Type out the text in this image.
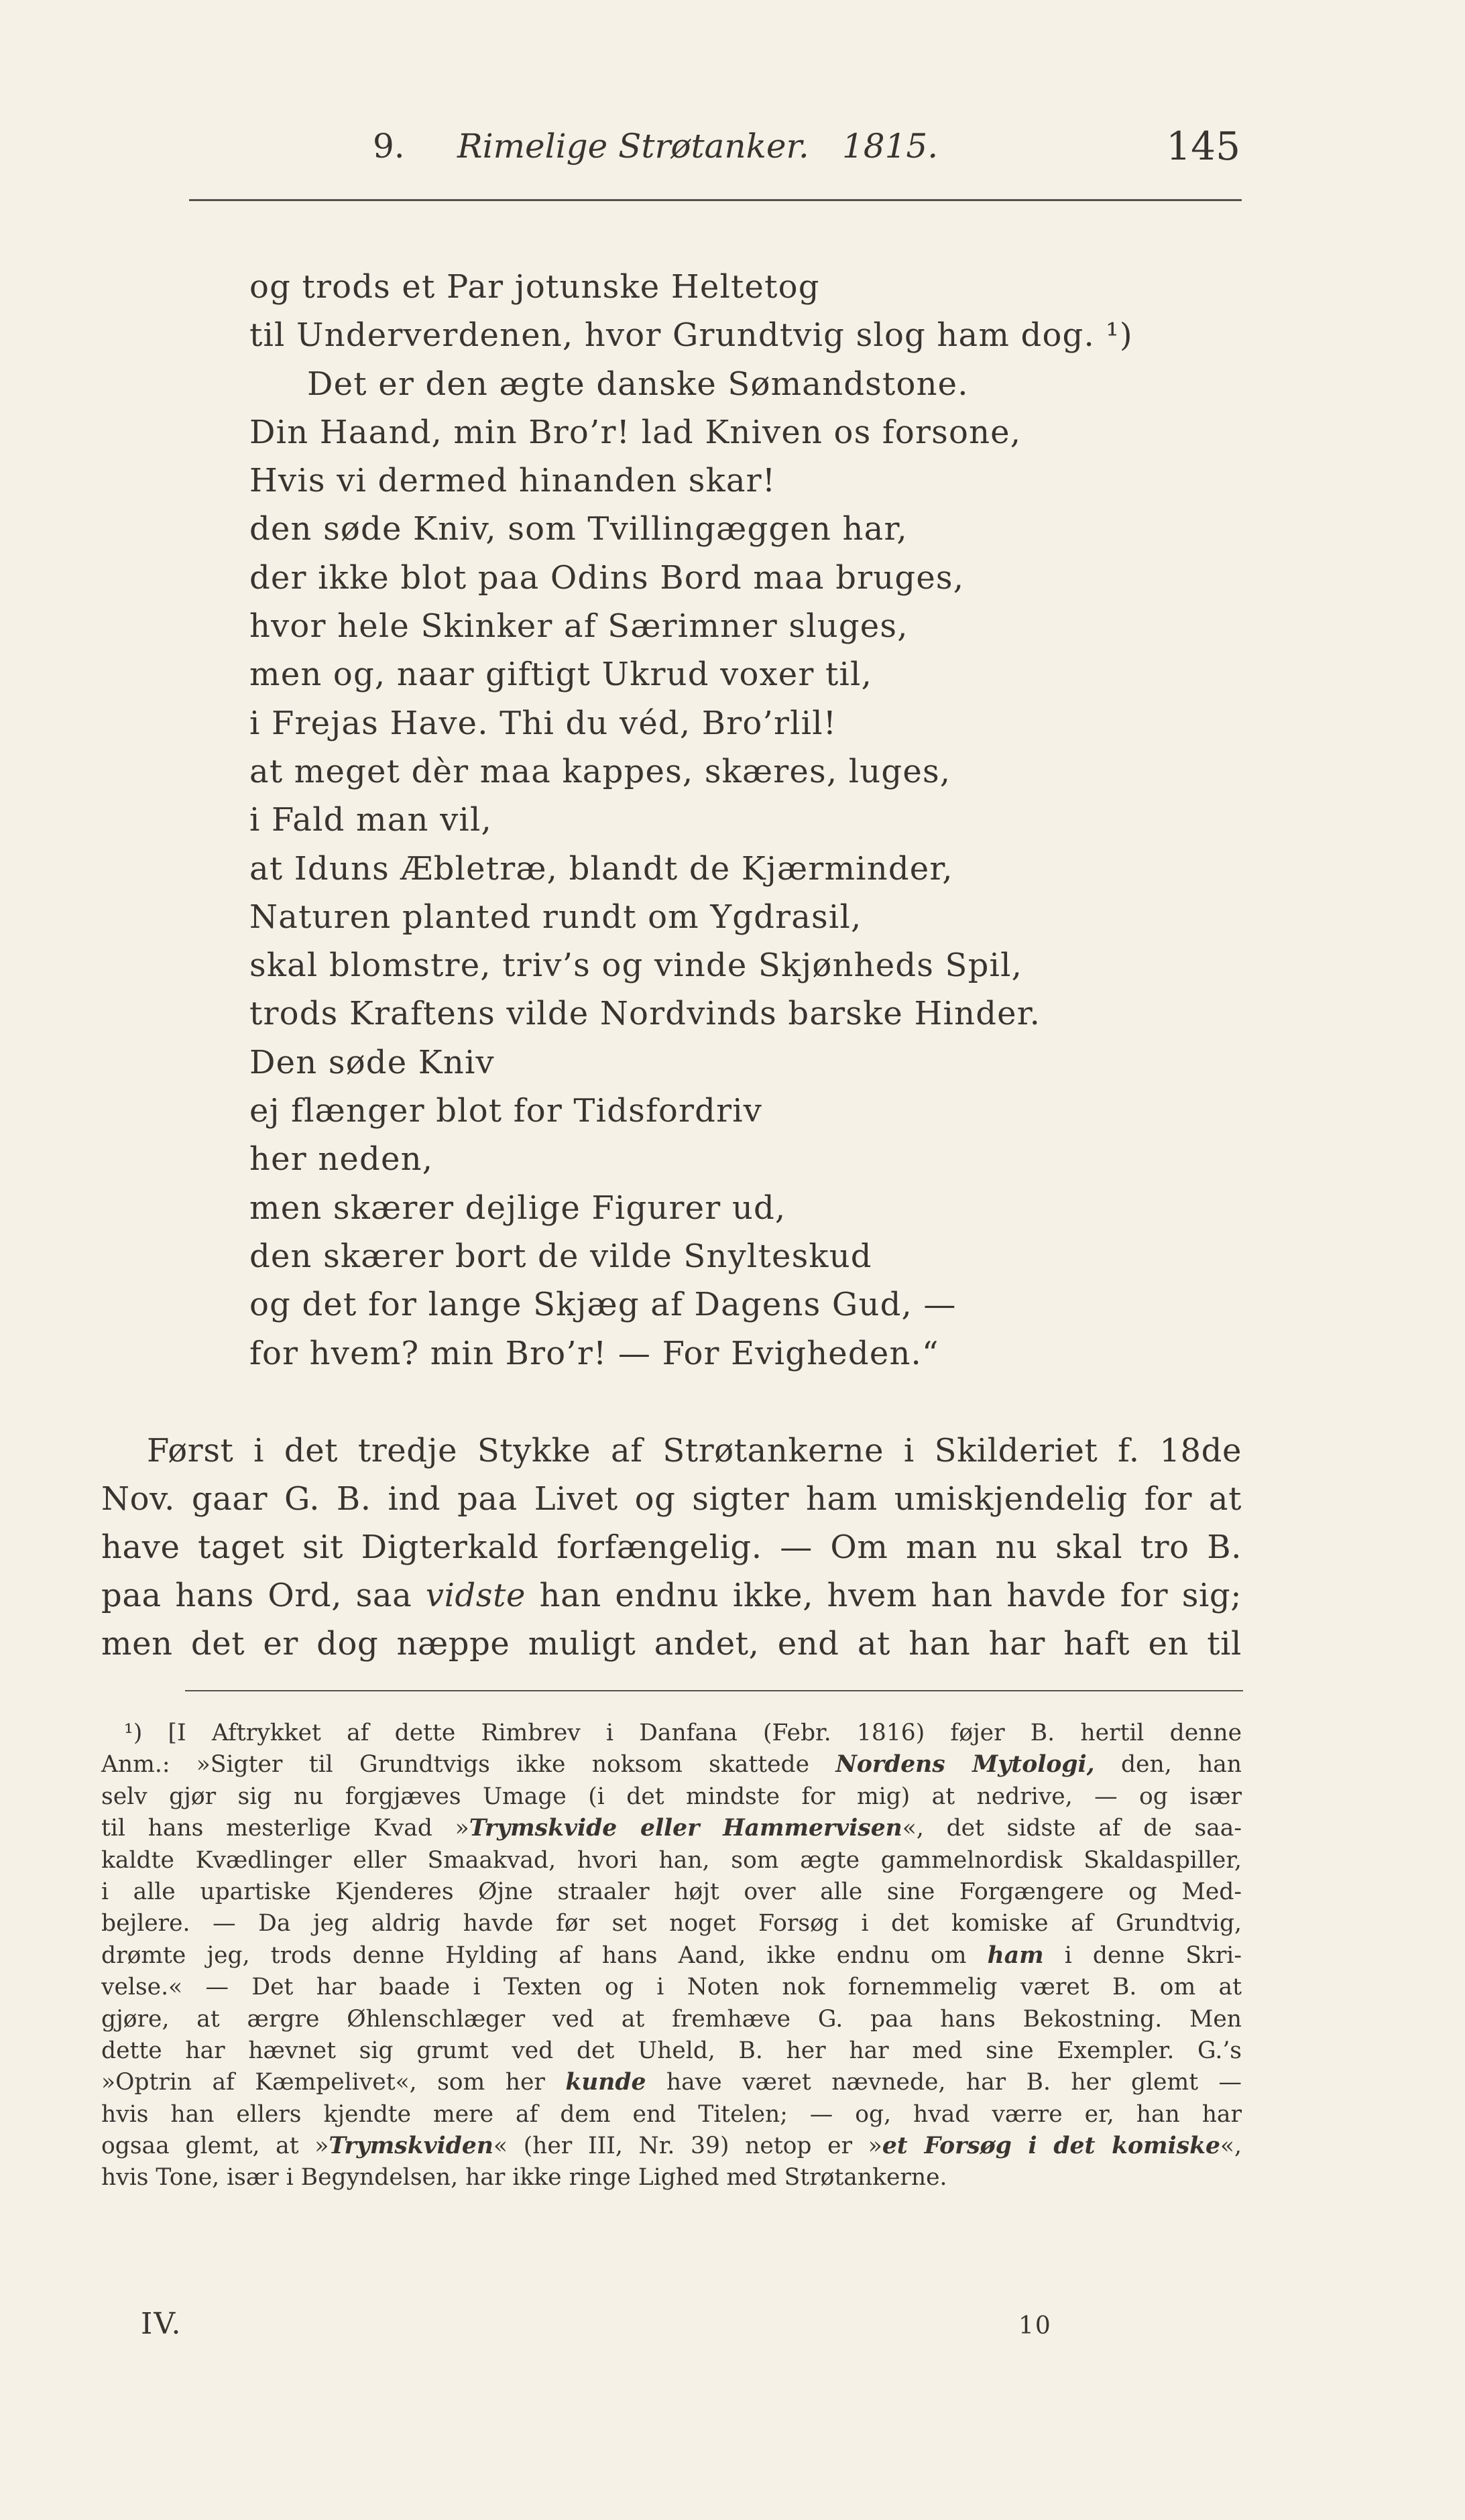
9. Rimelige Strøtanker. 1815.	145
og trods et Par jotunske Heltetog
til Underverdenen, hvor Grundtvig slog ham dog. ¹)
Det er den ægte danske Sømandstone.
Din Haand, min Bro’r! lad Kniven os forsone,
Hvis vi dermed hinanden skar!
den søde Kniv, som Tvillingæggen har,
der ikke blot paa Odins Bord maa bruges,
hvor hele Skinker af Særimner sluges,
men og, naar giftigt Ukrud voxer til,
i Frejas Have. Thi du véd, Bro’rlil!
at meget dèr maa kappes, skæres, luges,
i Fald man vil,
at Iduns Æbletræ, blandt de Kjærminder,
Naturen planted rundt om Ygdrasil,
skal blomstre, triv’s og vinde Skjønheds Spil,
trods Kraftens vilde Nordvinds barske Hinder.
Den søde Kniv
ej flænger blot for Tidsfordriv
her neden,
men skærer dejlige Figurer ud,
den skærer bort de vilde Snylteskud
og det for lange Skjæg af Dagens Gud, —
for hvem? min Bro’r! — For Evigheden.“
Først i det tredje Stykke af Strøtankerne i Skilderiet f. 18de
Nov. gaar G. B. ind paa Livet og sigter ham umiskjendelig for at
have taget sit Digterkald forfængelig. — Om man nu skal tro B.
paa hans Ord, saa vidste han endnu ikke, hvem han havde for sig;
men det er dog næppe muligt andet, end at han har haft en til
¹) [I Aftrykket af dette Rimbrev i Danfana (Febr. 1816) føjer B. hertil denne
Anm.: »Sigter til Grundtvigs ikke noksom skattede Nordens Mytologi, den, han
selv gjør sig nu forgjæves Umage (i det mindste for mig) at nedrive, — og især
til hans mesterlige Kvad »Trymskvide eller Hammervisen«, det sidste af de saa-
kaldte Kvædlinger eller Smaakvad, hvori han, som ægte gammelnordisk Skaldaspiller,
i alle upartiske Kjenderes Øjne straaler højt over alle sine Forgængere og Med-
bejlere. — Da jeg aldrig havde før set noget Forsøg i det komiske af Grundtvig,
drømte jeg, trods denne Hylding af hans Aand, ikke endnu om ham i denne Skri-
velse.« — Det har baade i Texten og i Noten nok fornemmelig været B. om at
gjøre, at ærgre Øhlenschlæger ved at fremhæve G. paa hans Bekostning. Men
dette har hævnet sig grumt ved det Uheld, B. her har med sine Exempler. G.’s
»Optrin af Kæmpelivet«, som her kunde have været nævnede, har B. her glemt —
hvis han ellers kjendte mere af dem end Titelen; — og, hvad værre er, han har
ogsaa glemt, at »Trymskviden« (her III, Nr. 39) netop er »et Forsøg i det komiske«,
hvis Tone, især i Begyndelsen, har ikke ringe Lighed med Strøtankerne.
IV.	10
